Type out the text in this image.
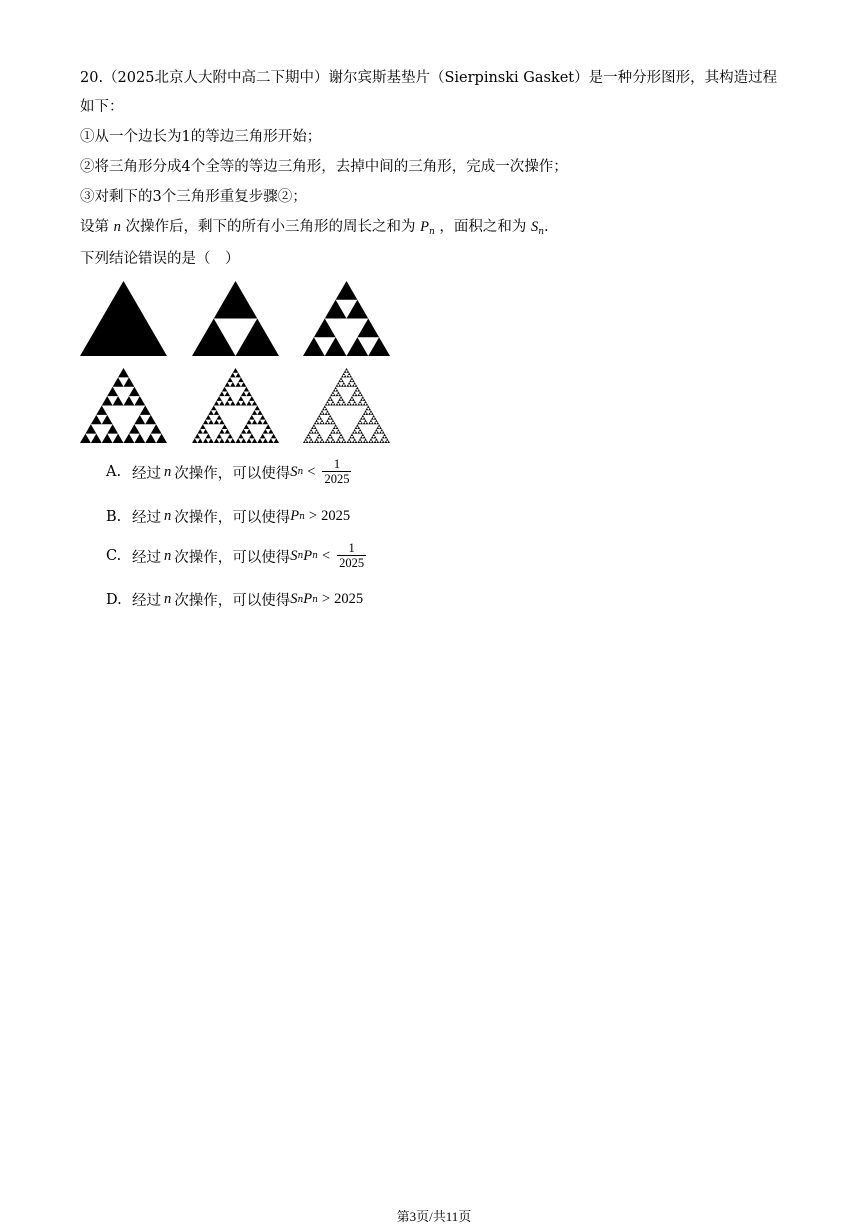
20.（2025北京人大附中高二下期中）谢尔宾斯基垫片（Sierpinski Gasket）是一种分形图形，其构造过程
如下：
①从一个边长为1的等边三角形开始；
②将三角形分成4个全等的等边三角形，去掉中间的三角形，完成一次操作；
③对剩下的3个三角形重复步骤②；
设第 n 次操作后，剩下的所有小三角形的周长之和为 $P_n$ ，面积之和为 $S_n$.
下列结论错误的是（　）
A. 经过 n 次操作，可以使得 S $n < \frac{1}{2025}$
B. 经过 n 次操作，可以使得 P n > 2025
C. 经过 n 次操作，可以使得 S n P $n < \frac{1}{2025}$
D. 经过 n 次操作，可以使得 S n P n > 2025
第3页/共11页
